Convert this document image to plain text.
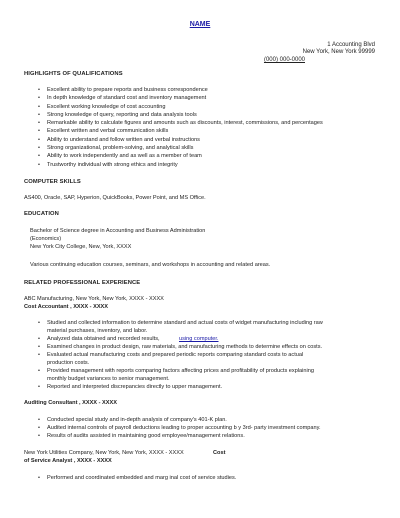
NAME
1 Accounting Blvd
New York, New York 99999
(000) 000-0000
HIGHLIGHTS OF QUALIFICATIONS
• Excellent ability to prepare reports and business correspondence
• In depth knowledge of standard cost and inventory management
• Excellent working knowledge of cost accounting
• Strong knowledge of query, reporting and data analysis tools
• Remarkable ability to calculate figures and amounts such as discounts, interest, commissions, and percentages
• Excellent written and verbal communication skills
• Ability to understand and follow written and verbal instructions
• Strong organizational, problem-solving, and analytical skills
• Ability to work independently and as well as a member of team
• Trustworthy individual with strong ethics and integrity
COMPUTER SKILLS
AS400, Oracle, SAP, Hyperion, QuickBooks, Power Point, and MS Office.
EDUCATION
Bachelor of Science degree in Accounting and Business Administration
(Economics)
New York City College, New, York, XXXX
Various continuing education courses, seminars, and workshops in accounting and related areas.
RELATED PROFESSIONAL EXPERIENCE
ABC Manufacturing, New York, New York, XXXX - XXXX
Cost Accountant , XXXX - XXXX
• Studied and collected information to determine standard and actual costs of widget manufacturing including raw
material purchases, inventory, and labor.
• Analyzed data obtained and recorded results,	using computer.
• Examined changes in product design, raw materials, and manufacturing methods to determine effects on costs.
• Evaluated actual manufacturing costs and prepared periodic reports comparing standard costs to actual
production costs.
• Provided management with reports comparing factors affecting prices and profitability of products explaining
monthly budget variances to senior management.
• Reported and interpreted discrepancies directly to upper management.
Auditing Consultant , XXXX - XXXX
• Conducted special study and in-depth analysis of company's 401-K plan.
• Audited internal controls of payroll deductions leading to proper accounting b y 3rd- party investment company.
• Results of audits assisted in maintaining good employee/management relations.
New York Utilities Company, New York, New York, XXXX - XXXX	Cost
of Service Analyst , XXXX - XXXX
• Performed and coordinated embedded and marg inal cost of service studies.
